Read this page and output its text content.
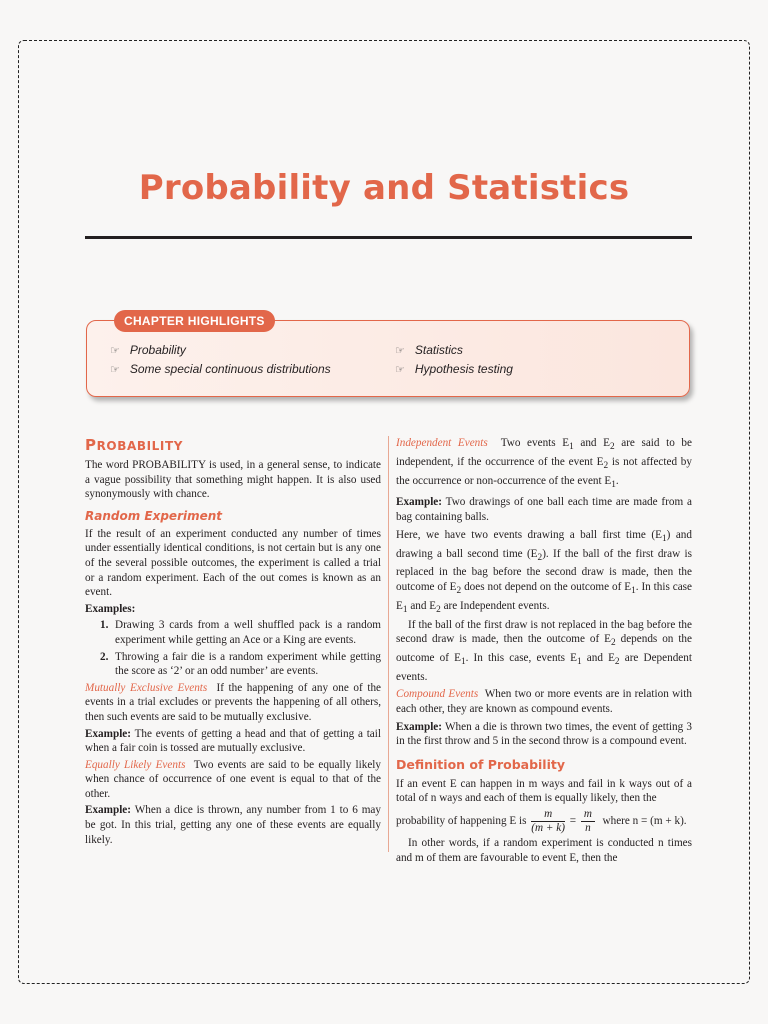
Probability and Statistics
CHAPTER HIGHLIGHTS
☞ Probability	☞ Statistics
☞ Some special continuous distributions	☞ Hypothesis testing
PROBABILITY

The word PROBABILITY is used, in a general sense, to indicate a vague possibility that something might happen. It is also used synonymously with chance.

Random Experiment

If the result of an experiment conducted any number of times under essentially identical conditions, is not certain but is any one of the several possible outcomes, the experiment is called a trial or a random experiment. Each of the out comes is known as an event.

Examples:

1. Drawing 3 cards from a well shuffled pack is a random experiment while getting an Ace or a King are events.
2. Throwing a fair die is a random experiment while getting the score as ‘2’ or an odd number’ are events.

Mutually Exclusive Events If the happening of any one of the events in a trial excludes or prevents the happening of all others, then such events are said to be mutually exclusive.

Example: The events of getting a head and that of getting a tail when a fair coin is tossed are mutually exclusive.

Equally Likely Events Two events are said to be equally likely when chance of occurrence of one event is equal to that of the other.

Example: When a dice is thrown, any number from 1 to 6 may be got. In this trial, getting any one of these events are equally likely.

Independent Events Two events $E_1$ and $E_2$ are said to be independent, if the occurrence of the event $E_2$ is not affected by the occurrence or non-occurrence of the event $E_1$.

Example: Two drawings of one ball each time are made from a bag containing balls.

Here, we have two events drawing a ball first time $(E_1)$ and drawing a ball second time $(E_2)$. If the ball of the first draw is replaced in the bag before the second draw is made, then the outcome of $E_2$ does not depend on the outcome of $E_1$. In this case $E_1$ and $E_2$ are Independent events.

If the ball of the first draw is not replaced in the bag before the second draw is made, then the outcome of $E_2$ depends on the outcome of $E_1$. In this case, events $E_1$ and $E_2$ are Dependent events.

Compound Events When two or more events are in relation with each other, they are known as compound events.

Example: When a die is thrown two times, the event of getting 3 in the first throw and 5 in the second throw is a compound event.

Definition of Probability

If an event E can happen in m ways and fail in k ways out of a total of n ways and each of them is equally likely, then the

probability of happening E is $\frac{m}{(m + k)} = \frac{m}{n}$ where n = (m + k).

In other words, if a random experiment is conducted n times and m of them are favourable to event E, then the
